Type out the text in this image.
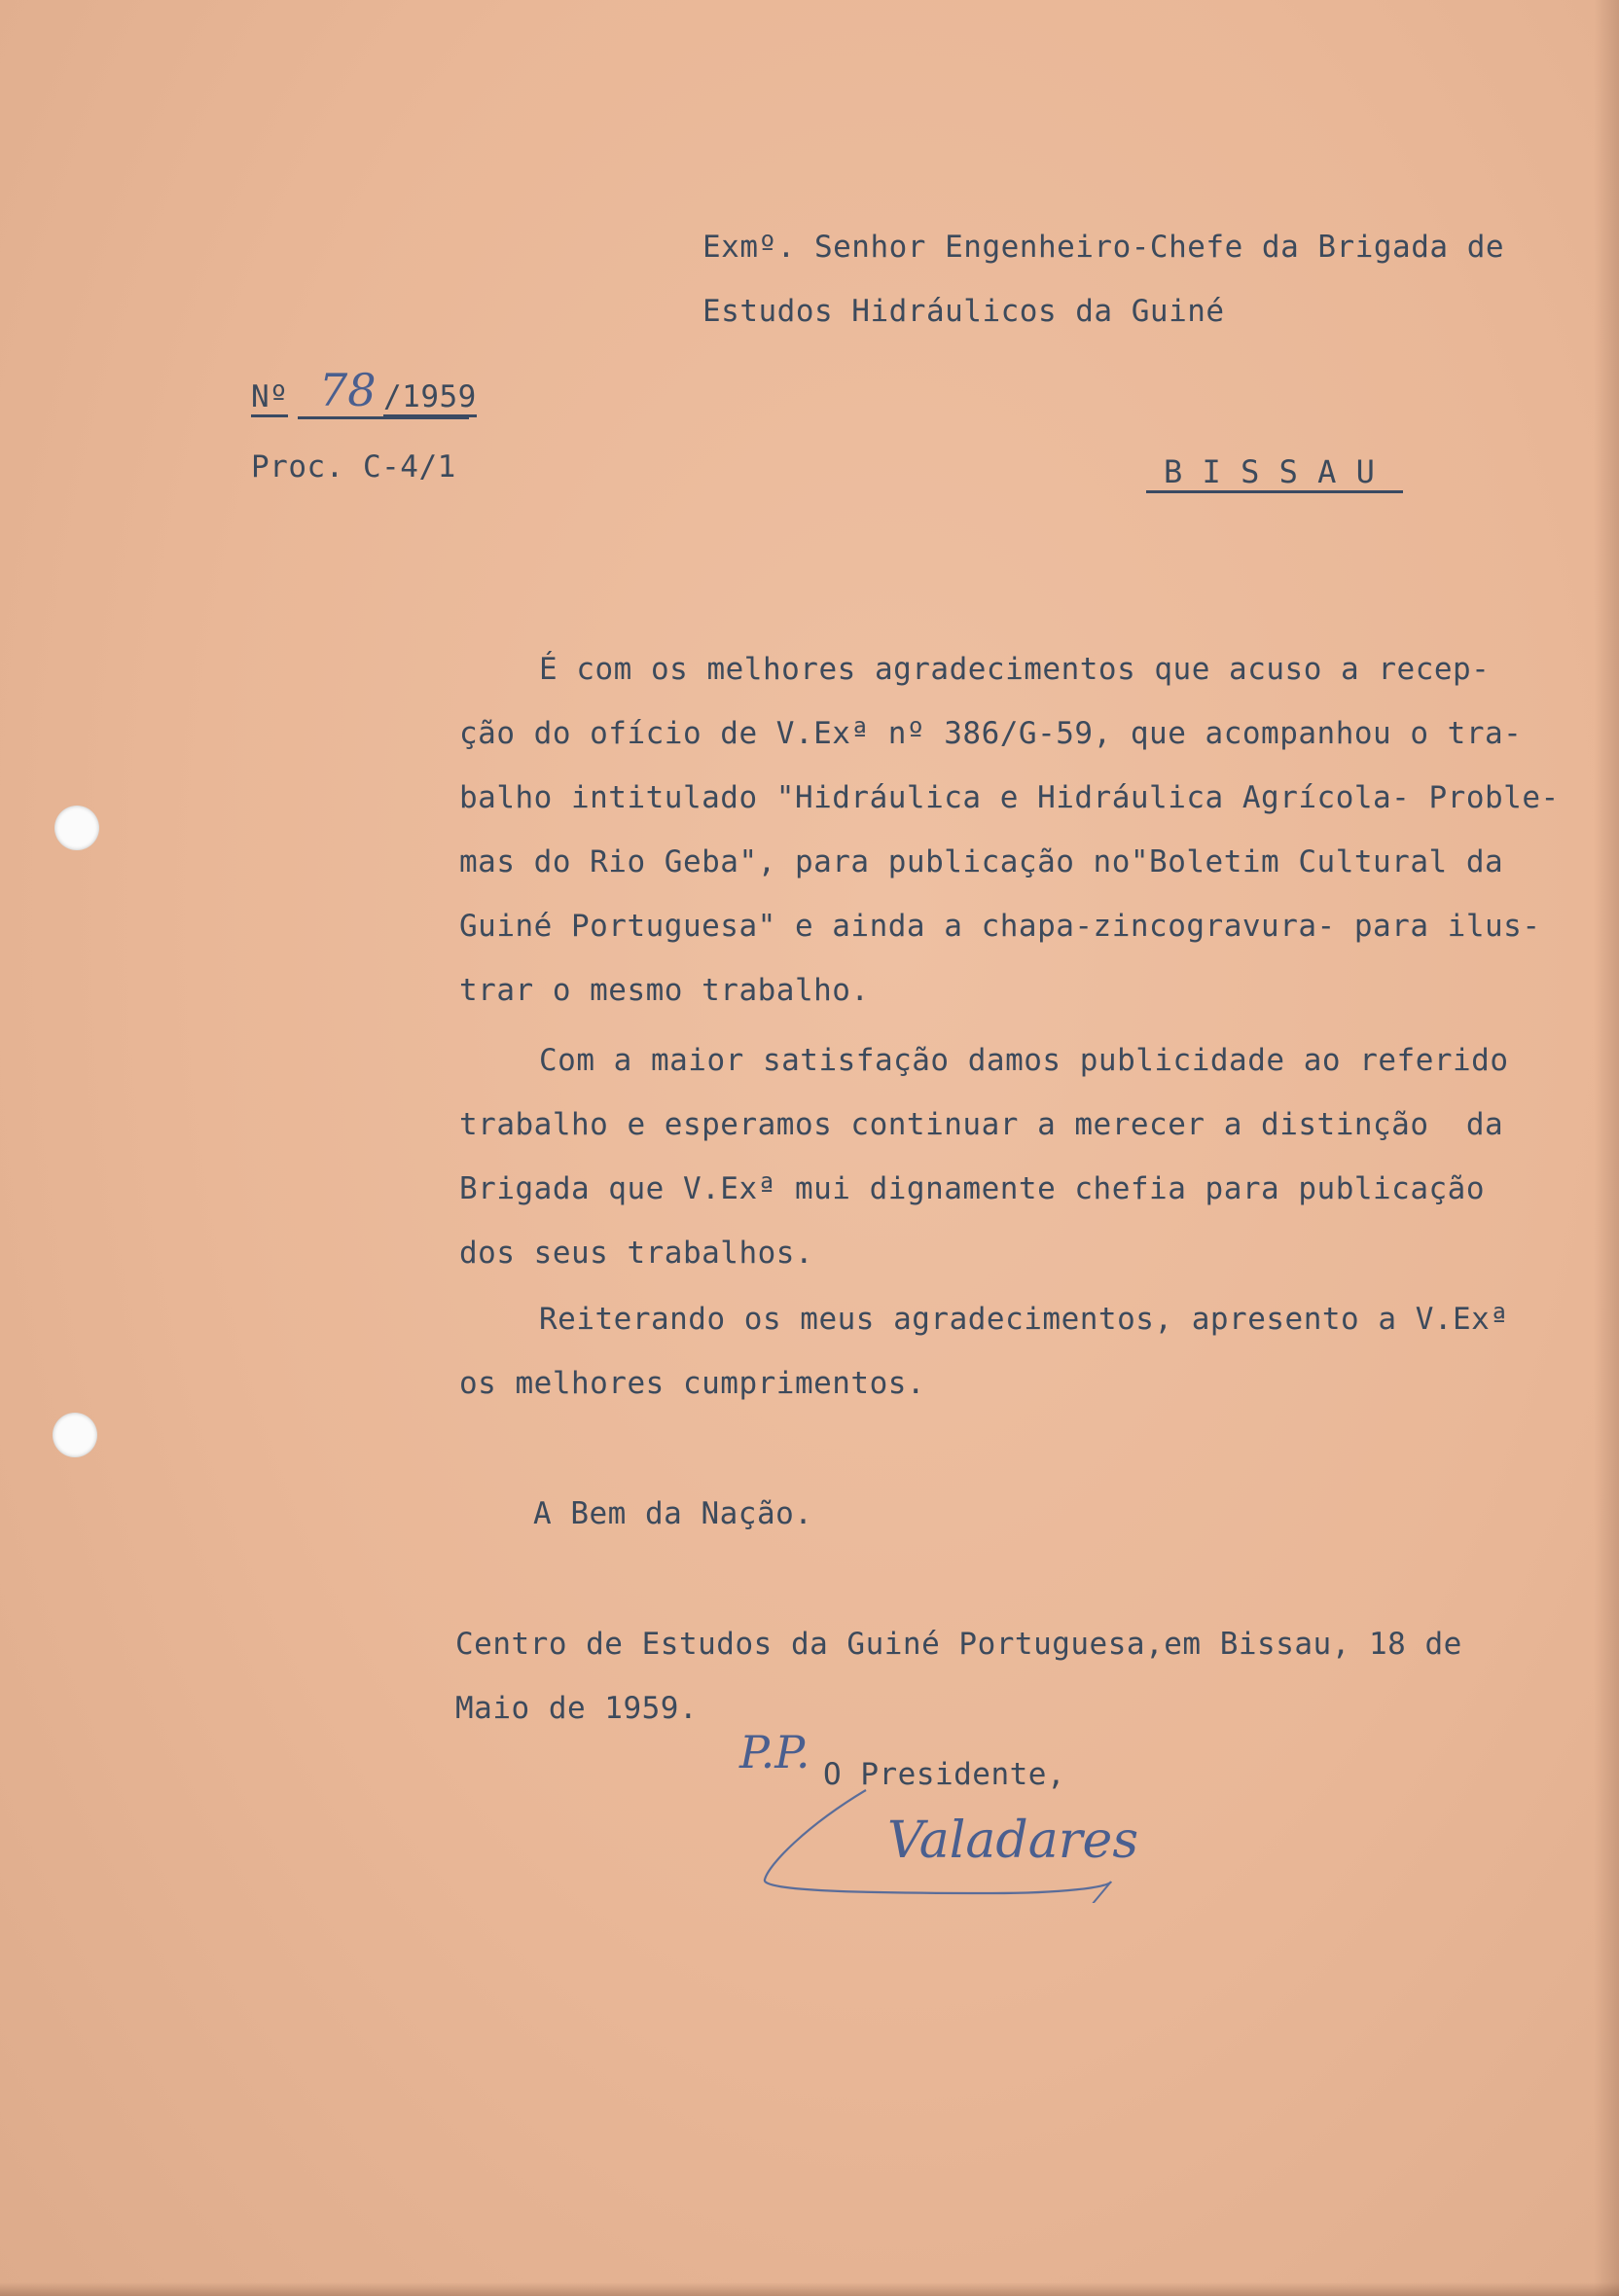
Exmº. Senhor Engenheiro-Chefe da Brigada de
Estudos Hidráulicos da Guiné
Nº 78 /1959
Proc. C-4/1	B I S S A U
É com os melhores agradecimentos que acuso a recep-
ção do ofício de V.Exª nº 386/G-59, que acompanhou o tra-
balho intitulado "Hidráulica e Hidráulica Agrícola- Proble-
mas do Rio Geba", para publicação no"Boletim Cultural da
Guiné Portuguesa" e ainda a chapa-zincogravura- para ilus-
trar o mesmo trabalho.
Com a maior satisfação damos publicidade ao referido
trabalho e esperamos continuar a merecer a distinção  da
Brigada que V.Exª mui dignamente chefia para publicação
dos seus trabalhos.
Reiterando os meus agradecimentos, apresento a V.Exª
os melhores cumprimentos.
A Bem da Nação.
Centro de Estudos da Guiné Portuguesa,em Bissau, 18 de
Maio de 1959.
P.P. O Presidente,
Valadares
